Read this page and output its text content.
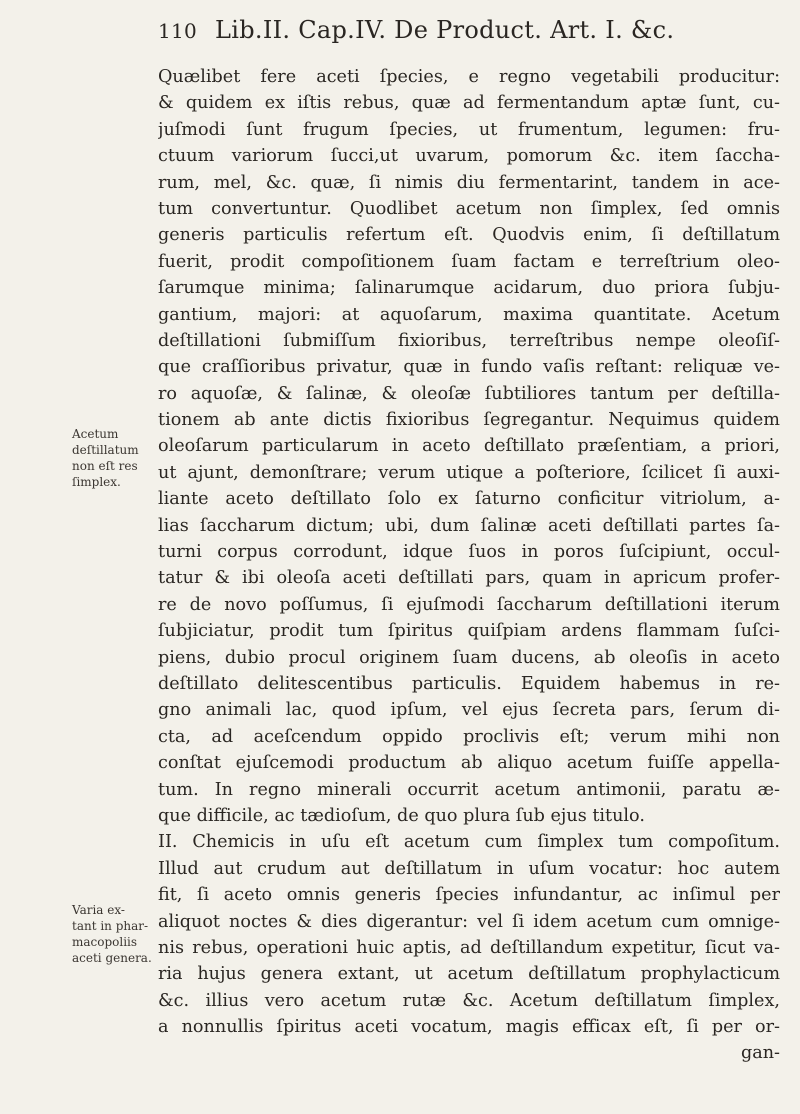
110 Lib.II. Cap.IV. De Product. Art. I. &c.
Quælibet fere aceti ſpecies, e regno vegetabili producitur:
& quidem ex iſtis rebus, quæ ad fermentandum aptæ ſunt, cu-
juſmodi ſunt frugum ſpecies, ut frumentum, legumen: fru-
ctuum variorum ſucci,ut uvarum, pomorum &c. item ſaccha-
rum, mel, &c. quæ, ſi nimis diu fermentarint, tandem in ace-
tum convertuntur. Quodlibet acetum non ſimplex, ſed omnis
generis particulis refertum eſt. Quodvis enim, ſi deſtillatum
fuerit, prodit compoſitionem ſuam factam e terreſtrium oleo-
ſarumque minima; ſalinarumque acidarum, duo priora ſubju-
gantium, majori: at aquoſarum, maxima quantitate. Acetum
deſtillationi ſubmiſſum fixioribus, terreſtribus nempe oleoſiſ-
que craſſioribus privatur, quæ in fundo vaſis reſtant: reliquæ ve-
ro aquoſæ, & ſalinæ, & oleoſæ ſubtiliores tantum per deſtilla-
tionem ab ante dictis fixioribus ſegregantur. Nequimus quidem
oleoſarum particularum in aceto deſtillato præſentiam, a priori,
ut ajunt, demonſtrare; verum utique a poſteriore, ſcilicet ſi auxi-
liante aceto deſtillato ſolo ex ſaturno conficitur vitriolum, a-
lias ſaccharum dictum; ubi, dum ſalinæ aceti deſtillati partes ſa-
turni corpus corrodunt, idque ſuos in poros ſuſcipiunt, occul-
tatur & ibi oleoſa aceti deſtillati pars, quam in apricum profer-
re de novo poſſumus, ſi ejuſmodi ſaccharum deſtillationi iterum
ſubjiciatur, prodit tum ſpiritus quiſpiam ardens flammam ſuſci-
piens, dubio procul originem ſuam ducens, ab oleoſis in aceto
deſtillato delitescentibus particulis. Equidem habemus in re-
gno animali lac, quod ipſum, vel ejus ſecreta pars, ſerum di-
cta, ad aceſcendum oppido proclivis eſt; verum mihi non
conſtat ejuſcemodi productum ab aliquo acetum fuiſſe appella-
tum. In regno minerali occurrit acetum antimonii, paratu æ-
que difficile, ac tædioſum, de quo plura ſub ejus titulo.
II. Chemicis in uſu eſt acetum cum ſimplex tum compoſitum.
Illud aut crudum aut deſtillatum in uſum vocatur: hoc autem
fit, ſi aceto omnis generis ſpecies infundantur, ac inſimul per
aliquot noctes & dies digerantur: vel ſi idem acetum cum omnige-
nis rebus, operationi huic aptis, ad deſtillandum expetitur, ſicut va-
ria hujus genera extant, ut acetum deſtillatum prophylacticum
&c. illius vero acetum rutæ &c. Acetum deſtillatum ſimplex,
a nonnullis ſpiritus aceti vocatum, magis efficax eſt, ſi per or-
gan-
Acetum
deſtillatum
non eſt res
ſimplex.
Varia ex-
tant in phar-
macopoliis
aceti genera.
